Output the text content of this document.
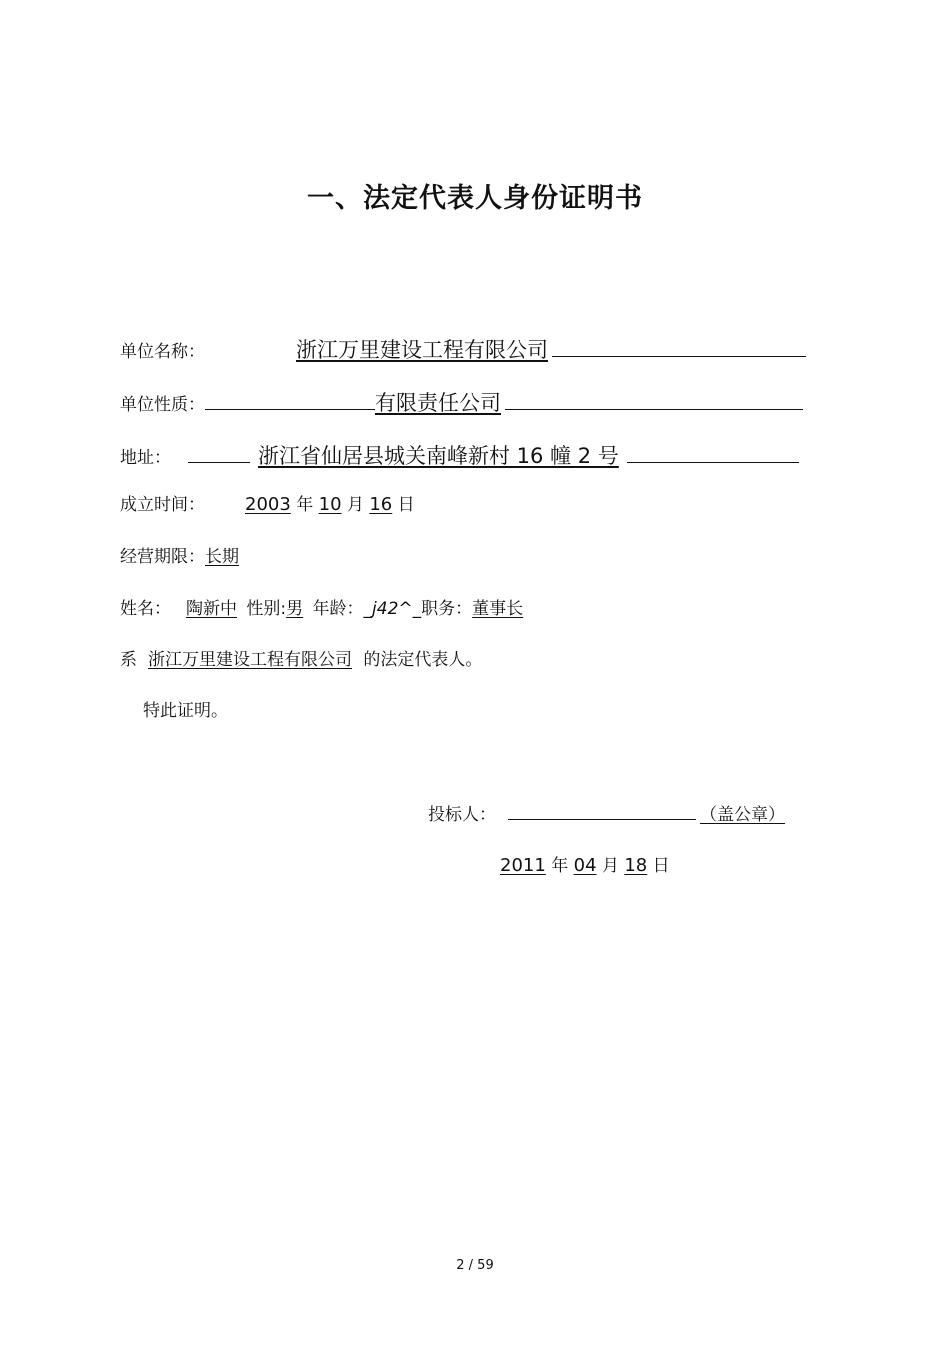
一、法定代表人身份证明书
单位名称：	浙江万里建设工程有限公司
单位性质：	有限责任公司
地址：	浙江省仙居县城关南峰新村 16 幢 2 号
成立时间： 2003 年 10 月 16 日
经营期限：长期
姓名： 陶新中 性别:男 年龄：_j42^_职务：董事长
系 浙江万里建设工程有限公司 的法定代表人。
特此证明。
投标人：	（盖公章）
2011 年 04 月 18 日
2 / 59
